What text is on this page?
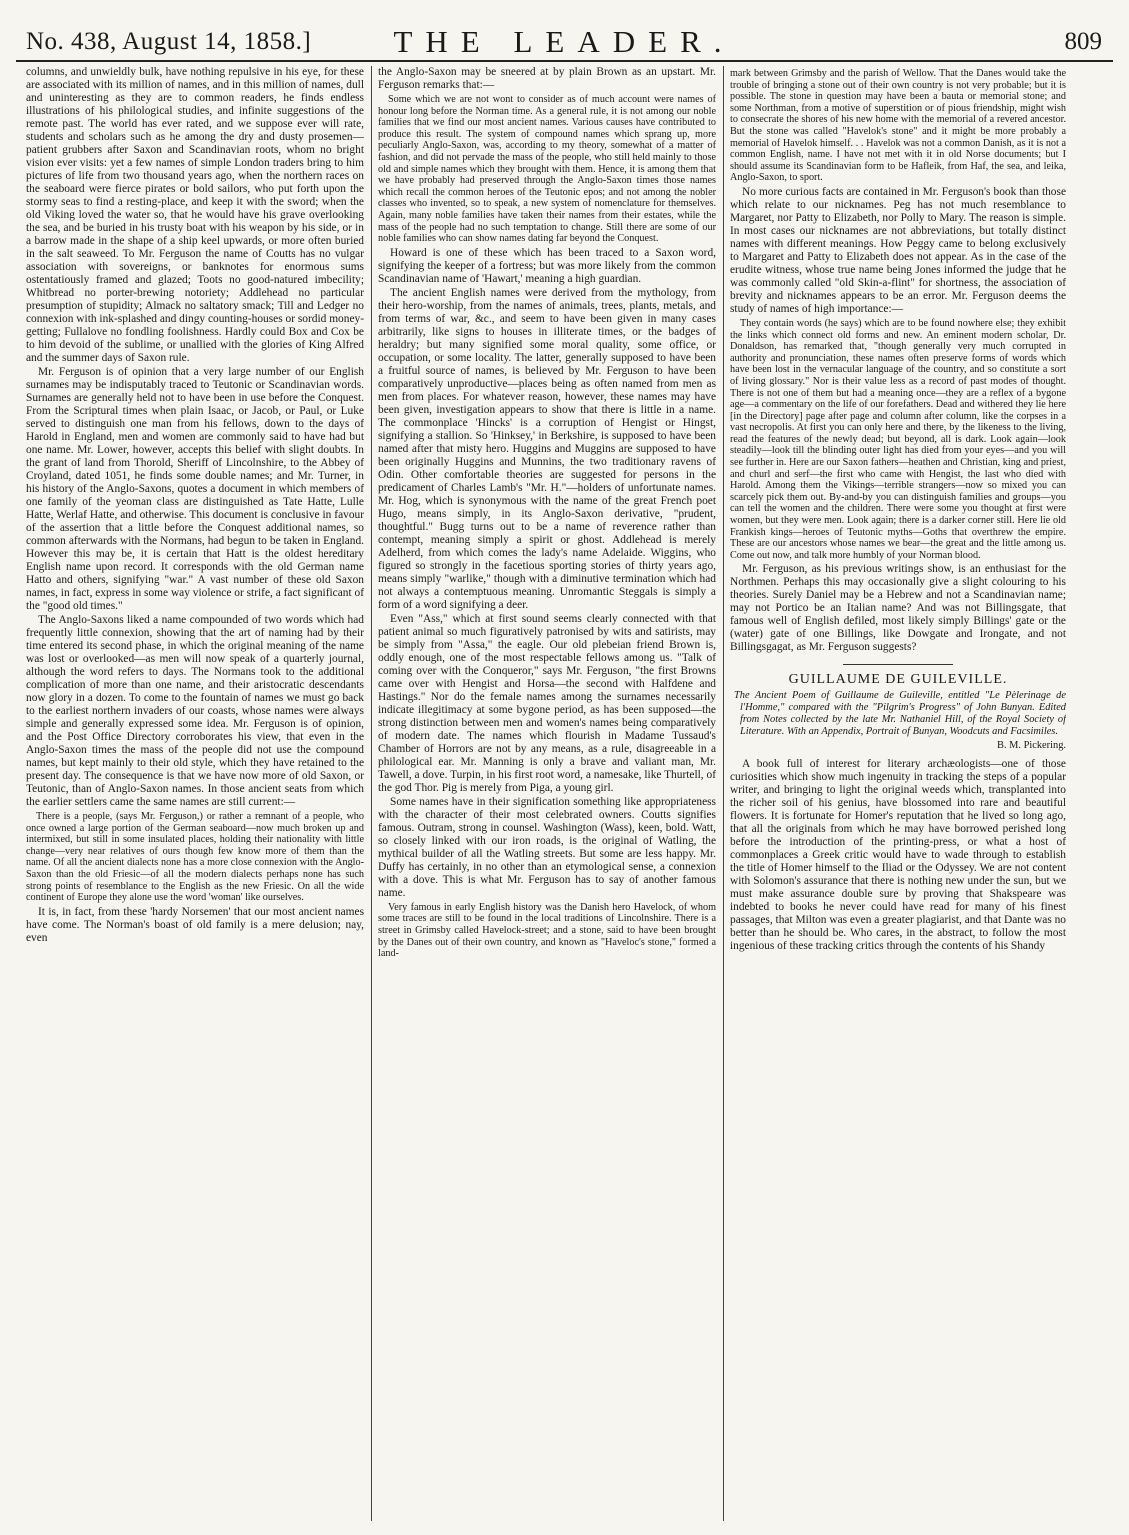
No. 438, August 14, 1858.]	THE LEADER.	809

columns, and unwieldly bulk, have nothing repulsive in his eye, for these are associated with its million of names, and in this million of names, dull and uninteresting as they are to common readers, he finds endless illustrations of his philological studies, and infinite suggestions of the remote past. The world has ever rated, and we suppose ever will rate, students and scholars such as he among the dry and dusty prosemen—patient grubbers after Saxon and Scandinavian roots, whom no bright vision ever visits: yet a few names of simple London traders bring to him pictures of life from two thousand years ago, when the northern races on the seaboard were fierce pirates or bold sailors, who put forth upon the stormy seas to find a resting-place, and keep it with the sword; when the old Viking loved the water so, that he would have his grave overlooking the sea, and be buried in his trusty boat with his weapon by his side, or in a barrow made in the shape of a ship keel upwards, or more often buried in the salt seaweed. To Mr. Ferguson the name of Coutts has no vulgar association with sovereigns, or banknotes for enormous sums ostentatiously framed and glazed; Toots no good-natured imbecility; Whitbread no porter-brewing notoriety; Addlehead no particular presumption of stupidity; Almack no saltatory smack; Till and Ledger no connexion with ink-splashed and dingy counting-houses or sordid money-getting; Fullalove no fondling foolishness. Hardly could Box and Cox be to him devoid of the sublime, or unallied with the glories of King Alfred and the summer days of Saxon rule.

Mr. Ferguson is of opinion that a very large number of our English surnames may be indisputably traced to Teutonic or Scandinavian words. Surnames are generally held not to have been in use before the Conquest. From the Scriptural times when plain Isaac, or Jacob, or Paul, or Luke served to distinguish one man from his fellows, down to the days of Harold in England, men and women are commonly said to have had but one name. Mr. Lower, however, accepts this belief with slight doubts. In the grant of land from Thorold, Sheriff of Lincolnshire, to the Abbey of Croyland, dated 1051, he finds some double names; and Mr. Turner, in his history of the Anglo-Saxons, quotes a document in which members of one family of the yeoman class are distinguished as Tate Hatte, Lulle Hatte, Werlaf Hatte, and otherwise. This document is conclusive in favour of the assertion that a little before the Conquest additional names, so common afterwards with the Normans, had begun to be taken in England. However this may be, it is certain that Hatt is the oldest hereditary English name upon record. It corresponds with the old German name Hatto and others, signifying "war." A vast number of these old Saxon names, in fact, express in some way violence or strife, a fact significant of the "good old times."

The Anglo-Saxons liked a name compounded of two words which had frequently little connexion, showing that the art of naming had by their time entered its second phase, in which the original meaning of the name was lost or overlooked—as men will now speak of a quarterly journal, although the word refers to days. The Normans took to the additional complication of more than one name, and their aristocratic descendants now glory in a dozen. To come to the fountain of names we must go back to the earliest northern invaders of our coasts, whose names were always simple and generally expressed some idea. Mr. Ferguson is of opinion, and the Post Office Directory corroborates his view, that even in the Anglo-Saxon times the mass of the people did not use the compound names, but kept mainly to their old style, which they have retained to the present day. The consequence is that we have now more of old Saxon, or Teutonic, than of Anglo-Saxon names. In those ancient seats from which the earlier settlers came the same names are still current:—

There is a people, (says Mr. Ferguson,) or rather a remnant of a people, who once owned a large portion of the German seaboard—now much broken up and intermixed, but still in some insulated places, holding their nationality with little change—very near relatives of ours though few know more of them than the name. Of all the ancient dialects none has a more close connexion with the Anglo-Saxon than the old Friesic—of all the modern dialects perhaps none has such strong points of resemblance to the English as the new Friesic. On all the wide continent of Europe they alone use the word 'woman' like ourselves.

It is, in fact, from these 'hardy Norsemen' that our most ancient names have come. The Norman's boast of old family is a mere delusion; nay, even

the Anglo-Saxon may be sneered at by plain Brown as an upstart. Mr. Ferguson remarks that:—

Some which we are not wont to consider as of much account were names of honour long before the Norman time. As a general rule, it is not among our noble families that we find our most ancient names. Various causes have contributed to produce this result. The system of compound names which sprang up, more peculiarly Anglo-Saxon, was, according to my theory, somewhat of a matter of fashion, and did not pervade the mass of the people, who still held mainly to those old and simple names which they brought with them. Hence, it is among them that we have probably had preserved through the Anglo-Saxon times those names which recall the common heroes of the Teutonic epos; and not among the nobler classes who invented, so to speak, a new system of nomenclature for themselves. Again, many noble families have taken their names from their estates, while the mass of the people had no such temptation to change. Still there are some of our noble families who can show names dating far beyond the Conquest.

Howard is one of these which has been traced to a Saxon word, signifying the keeper of a fortress; but was more likely from the common Scandinavian name of 'Hawart,' meaning a high guardian.

The ancient English names were derived from the mythology, from their hero-worship, from the names of animals, trees, plants, metals, and from terms of war, &c., and seem to have been given in many cases arbitrarily, like signs to houses in illiterate times, or the badges of heraldry; but many signified some moral quality, some office, or occupation, or some locality. The latter, generally supposed to have been a fruitful source of names, is believed by Mr. Ferguson to have been comparatively unproductive—places being as often named from men as men from places. For whatever reason, however, these names may have been given, investigation appears to show that there is little in a name. The commonplace 'Hincks' is a corruption of Hengist or Hingst, signifying a stallion. So 'Hinksey,' in Berkshire, is supposed to have been named after that misty hero. Huggins and Muggins are supposed to have been originally Huggins and Munnins, the two traditionary ravens of Odin. Other comfortable theories are suggested for persons in the predicament of Charles Lamb's "Mr. H."—holders of unfortunate names. Mr. Hog, which is synonymous with the name of the great French poet Hugo, means simply, in its Anglo-Saxon derivative, "prudent, thoughtful." Bugg turns out to be a name of reverence rather than contempt, meaning simply a spirit or ghost. Addlehead is merely Adelherd, from which comes the lady's name Adelaide. Wiggins, who figured so strongly in the facetious sporting stories of thirty years ago, means simply "warlike," though with a diminutive termination which had not always a contemptuous meaning. Unromantic Steggals is simply a form of a word signifying a deer.

Even "Ass," which at first sound seems clearly connected with that patient animal so much figuratively patronised by wits and satirists, may be simply from "Assa," the eagle. Our old plebeian friend Brown is, oddly enough, one of the most respectable fellows among us. "Talk of coming over with the Conqueror," says Mr. Ferguson, "the first Browns came over with Hengist and Horsa—the second with Halfdene and Hastings." Nor do the female names among the surnames necessarily indicate illegitimacy at some bygone period, as has been supposed—the strong distinction between men and women's names being comparatively of modern date. The names which flourish in Madame Tussaud's Chamber of Horrors are not by any means, as a rule, disagreeable in a philological ear. Mr. Manning is only a brave and valiant man, Mr. Tawell, a dove. Turpin, in his first root word, a namesake, like Thurtell, of the god Thor. Pig is merely from Piga, a young girl.

Some names have in their signification something like appropriateness with the character of their most celebrated owners. Coutts signifies famous. Outram, strong in counsel. Washington (Wass), keen, bold. Watt, so closely linked with our iron roads, is the original of Watling, the mythical builder of all the Watling streets. But some are less happy. Mr. Duffy has certainly, in no other than an etymological sense, a connexion with a dove. This is what Mr. Ferguson has to say of another famous name.

Very famous in early English history was the Danish hero Havelock, of whom some traces are still to be found in the local traditions of Lincolnshire. There is a street in Grimsby called Havelock-street; and a stone, said to have been brought by the Danes out of their own country, and known as "Haveloc's stone," formed a land-

mark between Grimsby and the parish of Wellow. That the Danes would take the trouble of bringing a stone out of their own country is not very probable; but it is possible. The stone in question may have been a bauta or memorial stone; and some Northman, from a motive of superstition or of pious friendship, might wish to consecrate the shores of his new home with the memorial of a revered ancestor. But the stone was called "Havelok's stone" and it might be more probably a memorial of Havelok himself. . . Havelok was not a common Danish, as it is not a common English, name. I have not met with it in old Norse documents; but I should assume its Scandinavian form to be Hafleik, from Haf, the sea, and leika, Anglo-Saxon, to sport.

No more curious facts are contained in Mr. Ferguson's book than those which relate to our nicknames. Peg has not much resemblance to Margaret, nor Patty to Elizabeth, nor Polly to Mary. The reason is simple. In most cases our nicknames are not abbreviations, but totally distinct names with different meanings. How Peggy came to belong exclusively to Margaret and Patty to Elizabeth does not appear. As in the case of the erudite witness, whose true name being Jones informed the judge that he was commonly called "old Skin-a-flint" for shortness, the association of brevity and nicknames appears to be an error. Mr. Ferguson deems the study of names of high importance:—

They contain words (he says) which are to be found nowhere else; they exhibit the links which connect old forms and new. An eminent modern scholar, Dr. Donaldson, has remarked that, "though generally very much corrupted in authority and pronunciation, these names often preserve forms of words which have been lost in the vernacular language of the country, and so constitute a sort of living glossary." Nor is their value less as a record of past modes of thought. There is not one of them but had a meaning once—they are a reflex of a bygone age—a commentary on the life of our forefathers. Dead and withered they lie here [in the Directory] page after page and column after column, like the corpses in a vast necropolis. At first you can only here and there, by the likeness to the living, read the features of the newly dead; but beyond, all is dark. Look again—look steadily—look till the blinding outer light has died from your eyes—and you will see further in. Here are our Saxon fathers—heathen and Christian, king and priest, and churl and serf—the first who came with Hengist, the last who died with Harold. Among them the Vikings—terrible strangers—now so mixed you can scarcely pick them out. By-and-by you can distinguish families and groups—you can tell the women and the children. There were some you thought at first were women, but they were men. Look again; there is a darker corner still. Here lie old Frankish kings—heroes of Teutonic myths—Goths that overthrew the empire. These are our ancestors whose names we bear—the great and the little among us. Come out now, and talk more humbly of your Norman blood.

Mr. Ferguson, as his previous writings show, is an enthusiast for the Northmen. Perhaps this may occasionally give a slight colouring to his theories. Surely Daniel may be a Hebrew and not a Scandinavian name; may not Portico be an Italian name? And was not Billingsgate, that famous well of English defiled, most likely simply Billings' gate or the (water) gate of one Billings, like Dowgate and Irongate, and not Billingsgagat, as Mr. Ferguson suggests?

GUILLAUME DE GUILEVILLE.
The Ancient Poem of Guillaume de Guileville, entitled "Le Pèlerinage de l'Homme," compared with the "Pilgrim's Progress" of John Bunyan. Edited from Notes collected by the late Mr. Nathaniel Hill, of the Royal Society of Literature. With an Appendix, Portrait of Bunyan, Woodcuts and Facsimiles.
B. M. Pickering.

A book full of interest for literary archæologists—one of those curiosities which show much ingenuity in tracking the steps of a popular writer, and bringing to light the original weeds which, transplanted into the richer soil of his genius, have blossomed into rare and beautiful flowers. It is fortunate for Homer's reputation that he lived so long ago, that all the originals from which he may have borrowed perished long before the introduction of the printing-press, or what a host of commonplaces a Greek critic would have to wade through to establish the title of Homer himself to the Iliad or the Odyssey. We are not content with Solomon's assurance that there is nothing new under the sun, but we must make assurance double sure by proving that Shakspeare was indebted to books he never could have read for many of his finest passages, that Milton was even a greater plagiarist, and that Dante was no better than he should be. Who cares, in the abstract, to follow the most ingenious of these tracking critics through the contents of his Shandy
